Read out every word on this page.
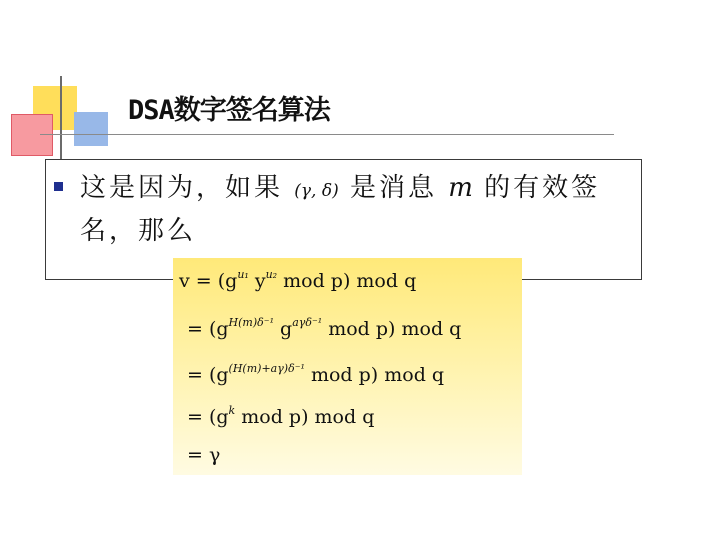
DSA数字签名算法
这是因为，如果 (γ, δ) 是消息 m 的有效签名，那么
$v = (g^{u_1}$ $y^{u_2}$ mod p) mod q
= ($g^{H(m)\delta^{-1}}$ $g^{a\gamma\delta^{-1}}$ mod p) mod q
= ($g^{(H(m)+a\gamma)\delta^{-1}}$ mod p) mod q
= ($g^k$ mod p) mod q
= γ
